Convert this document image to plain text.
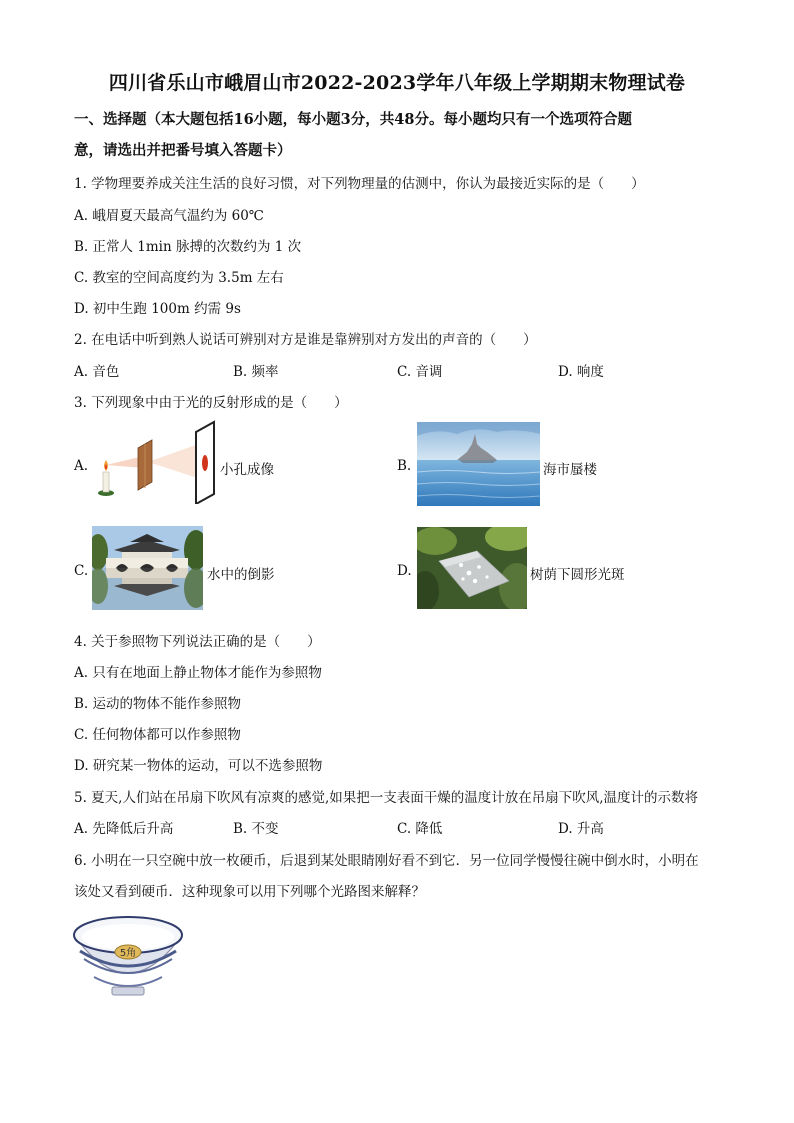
四川省乐山市峨眉山市2022-2023学年八年级上学期期末物理试卷
一、选择题（本大题包括16小题，每小题3分，共48分。每小题均只有一个选项符合题
意，请选出并把番号填入答题卡）
1. 学物理要养成关注生活的良好习惯，对下列物理量的估测中，你认为最接近实际的是（　　）
A. 峨眉夏天最高气温约为 60℃
B. 正常人 1min 脉搏的次数约为 1 次
C. 教室的空间高度约为 3.5m 左右
D. 初中生跑 100m 约需 9s
2. 在电话中听到熟人说话可辨别对方是谁是靠辨别对方发出的声音的（　　）
A. 音色	B. 频率	C. 音调	D. 响度
3. 下列现象中由于光的反射形成的是（　　）
A.	小孔成像	B.	海市蜃楼
C.	水中的倒影	D.	树荫下圆形光斑
4. 关于参照物下列说法正确的是（　　）
A. 只有在地面上静止物体才能作为参照物
B. 运动的物体不能作参照物
C. 任何物体都可以作参照物
D. 研究某一物体的运动，可以不选参照物
5. 夏天,人们站在吊扇下吹风有凉爽的感觉,如果把一支表面干燥的温度计放在吊扇下吹风,温度计的示数将
A. 先降低后升高	B. 不变	C. 降低	D. 升高
6. 小明在一只空碗中放一枚硬币，后退到某处眼睛刚好看不到它．另一位同学慢慢往碗中倒水时，小明在
该处又看到硬币．这种现象可以用下列哪个光路图来解释？
5角
